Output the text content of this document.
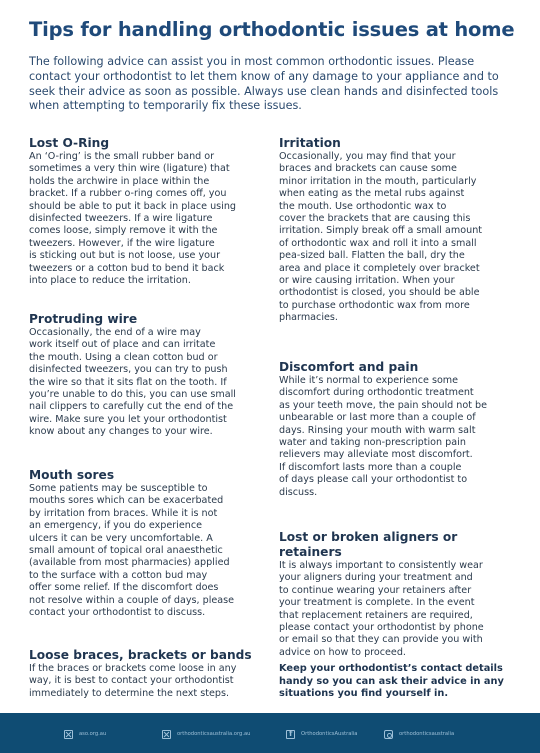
Tips for handling orthodontic issues at home

The following advice can assist you in most common orthodontic issues. Please contact your orthodontist to let them know of any damage to your appliance and to seek their advice as soon as possible. Always use clean hands and disinfected tools when attempting to temporarily fix these issues.

Lost O-Ring

An ‘O-ring’ is the small rubber band or
sometimes a very thin wire (ligature) that
holds the archwire in place within the
bracket. If a rubber o-ring comes off, you
should be able to put it back in place using
disinfected tweezers. If a wire ligature
comes loose, simply remove it with the
tweezers. However, if the wire ligature
is sticking out but is not loose, use your
tweezers or a cotton bud to bend it back
into place to reduce the irritation.

Protruding wire

Occasionally, the end of a wire may
work itself out of place and can irritate
the mouth. Using a clean cotton bud or
disinfected tweezers, you can try to push
the wire so that it sits flat on the tooth. If
you’re unable to do this, you can use small
nail clippers to carefully cut the end of the
wire. Make sure you let your orthodontist
know about any changes to your wire.

Mouth sores

Some patients may be susceptible to
mouths sores which can be exacerbated
by irritation from braces. While it is not
an emergency, if you do experience
ulcers it can be very uncomfortable. A
small amount of topical oral anaesthetic
(available from most pharmacies) applied
to the surface with a cotton bud may
offer some relief. If the discomfort does
not resolve within a couple of days, please
contact your orthodontist to discuss.

Loose braces, brackets or bands

If the braces or brackets come loose in any
way, it is best to contact your orthodontist
immediately to determine the next steps.

Irritation

Occasionally, you may find that your
braces and brackets can cause some
minor irritation in the mouth, particularly
when eating as the metal rubs against
the mouth. Use orthodontic wax to
cover the brackets that are causing this
irritation. Simply break off a small amount
of orthodontic wax and roll it into a small
pea-sized ball. Flatten the ball, dry the
area and place it completely over bracket
or wire causing irritation. When your
orthodontist is closed, you should be able
to purchase orthodontic wax from more
pharmacies.

Discomfort and pain

While it’s normal to experience some
discomfort during orthodontic treatment
as your teeth move, the pain should not be
unbearable or last more than a couple of
days. Rinsing your mouth with warm salt
water and taking non-prescription pain
relievers may alleviate most discomfort.
If discomfort lasts more than a couple
of days please call your orthodontist to
discuss.

Lost or broken aligners or retainers

It is always important to consistently wear
your aligners during your treatment and
to continue wearing your retainers after
your treatment is complete. In the event
that replacement retainers are required,
please contact your orthodontist by phone
or email so that they can provide you with
advice on how to proceed.

Keep your orthodontist’s contact details
handy so you can ask their advice in any
situations you find yourself in.

aso.org.au	orthodonticsaustralia.org.au
f	OrthodonticsAustralia	orthodonticsaustralia
